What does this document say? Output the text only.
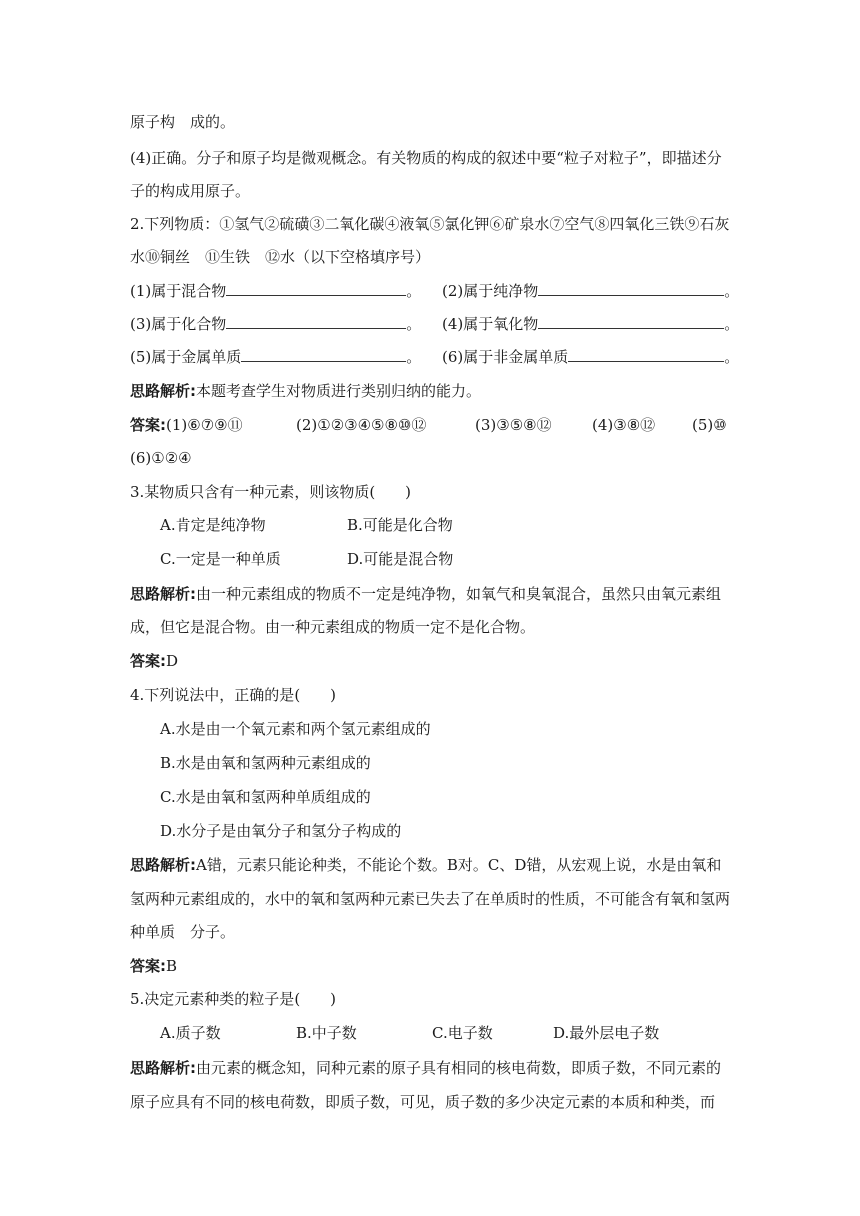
原子构　成的。
(4)正确。分子和原子均是微观概念。有关物质的构成的叙述中要“粒子对粒子”，即描述分
子的构成用原子。
2.下列物质：①氢气②硫磺③二氧化碳④液氧⑤氯化钾⑥矿泉水⑦空气⑧四氧化三铁⑨石灰
水⑩铜丝　⑪生铁　⑫水（以下空格填序号）
(1)属于混合物	。 (2)属于纯净物	。
(3)属于化合物	。 (4)属于氧化物	。
(5)属于金属单质	。 (6)属于非金属单质	。
思路解析:本题考查学生对物质进行类别归纳的能力。
答案:(1)⑥⑦⑨⑪	(2)①②③④⑤⑧⑩⑫	(3)③⑤⑧⑫	(4)③⑧⑫ (5)⑩
(6)①②④
3.某物质只含有一种元素，则该物质(　　)
A.肯定是纯净物	B.可能是化合物
C.一定是一种单质	D.可能是混合物
思路解析:由一种元素组成的物质不一定是纯净物，如氧气和臭氧混合，虽然只由氧元素组
成，但它是混合物。由一种元素组成的物质一定不是化合物。
答案:D
4.下列说法中，正确的是(　　)
A.水是由一个氧元素和两个氢元素组成的
B.水是由氧和氢两种元素组成的
C.水是由氧和氢两种单质组成的
D.水分子是由氧分子和氢分子构成的
思路解析:A错，元素只能论种类，不能论个数。B对。C、D错，从宏观上说，水是由氧和
氢两种元素组成的，水中的氧和氢两种元素已失去了在单质时的性质，不可能含有氧和氢两
种单质　分子。
答案:B
5.决定元素种类的粒子是(　　)
A.质子数	B.中子数	C.电子数	D.最外层电子数
思路解析:由元素的概念知，同种元素的原子具有相同的核电荷数，即质子数，不同元素的
原子应具有不同的核电荷数，即质子数，可见，质子数的多少决定元素的本质和种类，而
